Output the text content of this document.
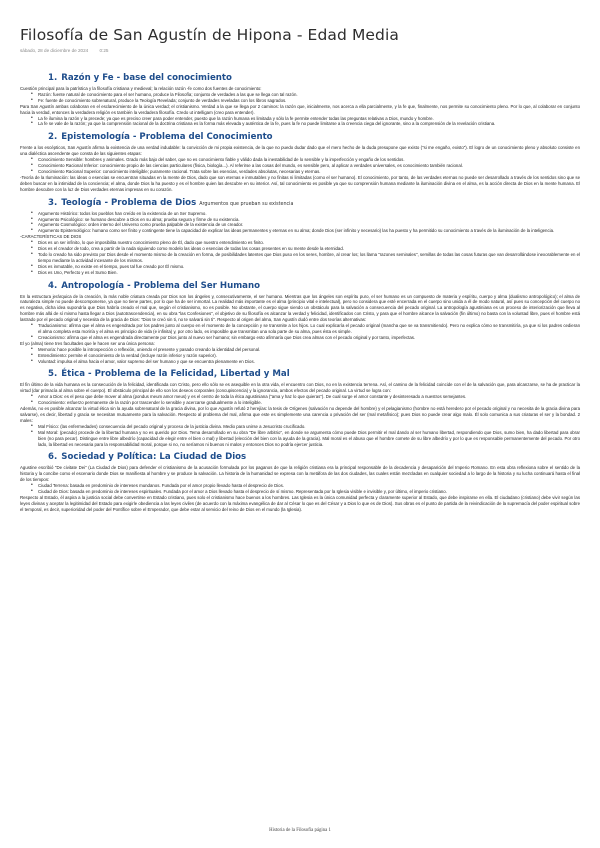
Filosofía de San Agustín de Hipona - Edad Media
sábado, 28 de diciembre de 2024 0:25
1. Razón y Fe - base del conocimiento

Cuestión principal para la patrística y la filosofía cristiana y medieval; la relación razón -fe como dos fuentes de conocimiento:

• Razón: fuente natural de conocimiento para el ser humano, produce la Filosofía; conjunto de verdades a las que se llega con tal razón.
• Fe: fuente de conocimiento sobrenatural, produce la Teología Revelada; conjunto de verdades reveladas con los libros sagrados.

Para San Agustín ambas colaboran en el esclarecimiento de la única verdad; el cristianismo. Verdad a la que se llega por 2 caminos: la razón que, inicialmente, nos acerca a ella parcialmente, y la fe que, finalmente, nos permite su conocimiento pleno. Por lo que, al colaborar en conjunto hacia la verdad, entonces la verdadera religión es también la verdadera filosofía. Credo ut intelligam (creo para entender).

• La fe ilumina la razón y la precede; ya que es preciso creer para poder entender, puesto que la razón humana es limitada y sólo la fe permite entender todas las preguntas relativas a Dios, mundo y hombre.
• La fe se vale de la razón; ya que la comprensión racional de la doctrina cristiana es la forma más elevada y auténtica de la fe, pues la fe no puede limitarse a la creencia ciega del ignorante, sino a la comprensión de la revelación cristiana.
2. Epistemología - Problema del Conocimiento

Frente a los escépticos, San Agustín afirma la existencia de una verdad indudable: la convicción de mi propia existencia, de la que no puedo dudar dado que el mero hecho de la duda presupone que existo ("si me engaño, existo"). El logro de un conocimiento pleno y absoluto consiste en una dialéctica ascendente que consta de las siguientes etapas:

• Conocimiento Sensible: hombres y animales. Grado más bajo del saber, que no es conocimiento fiable y válido dada la inestabilidad de lo sensible y la imperfección y engaño de los sentidos.
• Conocimiento Racional Inferior: conocimiento propio de las ciencias particulares (física, biología...). Al referirse a las cosas del mundo, es sensible pero, al aplicar a verdades universales, es conocimiento también racional.
• Conocimiento Racional Superior: conocimiento inteligible; puramente racional. Trata sobre las esencias, verdades absolutas, necesarias y eternas.

-Teoría de la Iluminación: las ideas o esencias se encuentran situadas en la mente de Dios, dado que son eternas e inmutables y no finitas ni limitadas (como el ser humano). El conocimiento, por tanto, de las verdades eternas no puede ser desarrollado a través de los sentidos sino que se deben buscar en la intimidad de la conciencia; el alma, donde Dios la ha puesto y es el hombre quien las descubre en su interior. Así, tal conocimiento es posible ya que su comprensión humana mediante la iluminación divina en el alma, es la acción directa de Dios en la mente humana. El hombre descubre con la luz de Dios verdades eternas impresas en su corazón.

3. Teología - Problema de Dios Argumentos que prueban su existencia
• Argumento Histórico: todos los pueblos han creído en la existencia de un Ser Supremo.
• Argumento Psicológico: se humano descubre a Dios en su alma; prueba segura y firme de su existencia.
• Argumento Cosmológico: orden interno del Universo como prueba palpable de la existencia de un creador.
• Argumento Epistemológico: humano como ser finito y contingente tiene la capacidad de explicar las ideas permanentes y eternas en su alma; donde Dios (ser infinito y necesario) las ha puesto y ha permitido su conocimiento a través de la iluminación de la inteligencia.

-CARACTERÍSTICAS DE DIOS

• Dios es un ser infinito, lo que imposibilita nuestro conocimiento pleno de Él, dado que nuestro entendimiento es finito.
• Dios es el creador de todo, crea a partir de la nada siguiendo como modelo las ideas o esencias de todas las cosas presentes en su mente desde la eternidad.
• Todo lo creado ha sido previsto por Dios desde el momento mismo de la creación en forma, de posibilidades latentes que Dios puso en los seres, hombre, al crear los; los llama "razones seminales", semillas de todas las cosas futuras que van desarrollándose inexorablemente en el tiempo mediante la actividad incesante de los mismos.
• Dios es inmutable, no existe en el tiempo, pues tal fue creado por Él mismo.
• Dios es Uno, Perfecto y es el Sumo Bien.
4. Antropología - Problema del Ser Humano

En la estructura jerárquica de la creación, la más noble criatura creada por Dios son los ángeles y, consecutivamente, el ser humano. Mientras que los ángeles son espíritu puro, el ser humano es un compuesto de materia y espíritu, cuerpo y alma (dualismo antropológico); el alma de naturaleza simple no puede descomponerse, ya que no tiene partes, por lo que ha de ser inmortal. La realidad más importante es el alma (principio vital e intelectual), pero no considera que esté encerrada en el cuerpo sino unida a él de modo natural, así pues su concepción del cuerpo no es negativa, dicha idea supondría que Dios habría creado el mal que, según el cristianismo, no es posible. No obstante, el cuerpo sigue siendo un obstáculo para la salvación a consecuencia del pecado original. La antropología agustiniana es un proceso de interiorización que lleva al hombre más allá de sí mismo hasta llegar a Dios (autotrascendencia), en su obra "las Confesiones", el objetivo de su filosofía es alcanzar la verdad y felicidad, identificados con Cristo, y para que el hombre alcance la salvación (fin último) no basta con la voluntad libre, pues el hombre está lastrado por el pecado original y necesita de la gracia de Dios: "Dios te creó sin ti, no te salvará sin ti". Respecto al origen del alma, San Agustín dudó entre dos teorías alternativas:

• Traducianismo: afirma que el alma es engendrada por los padres junto al cuerpo en el momento de la concepción y se transmite a los hijos. Lo cual explicaría el pecado original (mancha que se va transmitiendo). Pero no explica cómo se transmitiría, ya que si los padres cedieran el alma completa esta moriría y el alma es principio de vida (e infinita) y, por otro lado, es imposible que transmitan una sola parte de su alma, pues ésta es simple.
• Creacionismo: afirma que el alma es engendrada directamente por Dios junto al nuevo ser humano; sin embargo esto afirmaría que Dios crea almas con el pecado original y por tanto, imperfectas.

El yo (alma) tiene tres facultades que le hacen ser una única persona:

• Memoria: hace posible la introspección o reflexión, uniendo el presente y pasado creando la identidad del personal.
• Entendimiento: permite el conocimiento de la verdad (incluye razón inferior y razón superior).
• Voluntad: impulsa el alma hacia el amor, valor supremo del ser humano y que se encuentra plenamente en Dios.
5. Ética - Problema de la Felicidad, Libertad y Mal

El fin último de la vida humana es la consecución de la felicidad, identificada con Cristo, pero ello sólo se es asequible en la otra vida, el encuentro con Dios, no en la existencia terrena. Así, el camino de la felicidad coincide con el de la salvación que, para alcanzarse, se ha de practicar la virtud (dar primacía al alma sobre el cuerpo). El obstáculo principal de ello son los deseos corporales (concupiscencia) y la ignorancia, ambos efectos del pecado original. La virtud se logra con:

• Amor a Dios: es el peso que debe mover al alma (pondus meum amor meus) y es el centro de toda la ética agustiniana ("ama y haz lo que quieras"). De cual surge el amor constante y desinteresado a nuestros semejantes.
• Conocimiento: esfuerzo permanente de la razón por trascender lo sensible y acercarse gradualmente a lo inteligible.

Además, no es posible alcanzar la virtud ética sin la ayuda sobrenatural de la gracia divina, por lo que Agustín refutó 2 herejías: la tesis de Orígenes (salvación no depende del hombre) y el pelagianismo (hombre no está heredero por el pecado original y no necesita de la gracia divina para salvarse), es decir, libertad y gracia se necesitan mutuamente para la salvación. Respecto al problema del mal, afirma que este es simplemente una carencia o privación del ser (mal metafísico); pues Dios no puede crear algo malo. Él solo comunica a sus criaturas el ser y la bondad. 2 males:

• Mal Físico: (las enfermedades) consecuencia del pecado original y proceso de la justicia divina. Medio para unirse a Jesucristo crucificado.
• Mal Moral: (pecado) procede de la libertad humana y no es querido por Dios. Tema desarrollado en su obra "De libre arbitrio", en donde se argumenta cómo puede Dios permitir el mal dando al ser humano libertad, respondiendo que Dios, sumo bien, ha dado libertad para obrar bien (no para pecar). Distingue entre libre albedrío (capacidad de elegir entre el bien o mal) y libertad (elección del bien con la ayuda de la gracia). Mal moral es el abuso que el hombre comete de su libre albedrío y por lo que es responsable permanentemente del pecado. Por otro lado, la libertad es necesaria para la responsabilidad moral, porque si no, no seríamos ni buenos ni malos y entonces Dios no podría ejercer justicia.
6. Sociedad y Política: La Ciudad de Dios

Agustine escribió "De civitate Dei" (La Ciudad de Dios) para defender el cristianismo de la acusación formulada por los paganos de que la religión cristiana era la principal responsable de la decadencia y desaparición del Imperio Romano. En esta obra reflexiona sobre el sentido de la historia y la concibe como el escenario donde Dios se manifiesta al hombre y se produce la salvación. La historia de la humanidad se expresa con la metáfora de las dos ciudades, las cuales están mezcladas en cualquier sociedad a lo largo de la historia y su lucha continuará hasta el final de los tiempos:

• Ciudad Terrena: basada en predominio de intereses mundanos. Fundada por el amor propio llevado hasta el desprecio de Dios.
• Ciudad de Dios: basada en predominio de intereses espirituales. Fundada por el amor a Dios llevado hasta el desprecio de sí mismo. Representada por la Iglesia visible e invisible y, por último, el imperio cristiano.

Respecto al Estado, él aspira a la justicia social debe convertirse en Estado cristiano, pues solo el cristianismo hace buenos a los hombres. Las Iglesia es la única comunidad perfecta y claramente superior al Estado, que debe inspirarse en ella. El ciudadano (cristiano) debe vivir según las leyes divinas y aceptar la legitimidad del Estado para exigirle obediencia a las leyes civiles (de acuerdo con la máxima evangélica de dar al César lo que es del César y a Dios lo que es de Dios). Sus obras es el punto de partida de la reivindicación de la supremacía del poder espiritual sobre el temporal, es decir, superioridad del poder del Pontífice sobre el Emperador, que debe estar al servicio del reino de Dios en el mundo (la Iglesia).

Historia de la Filosofía página 1
